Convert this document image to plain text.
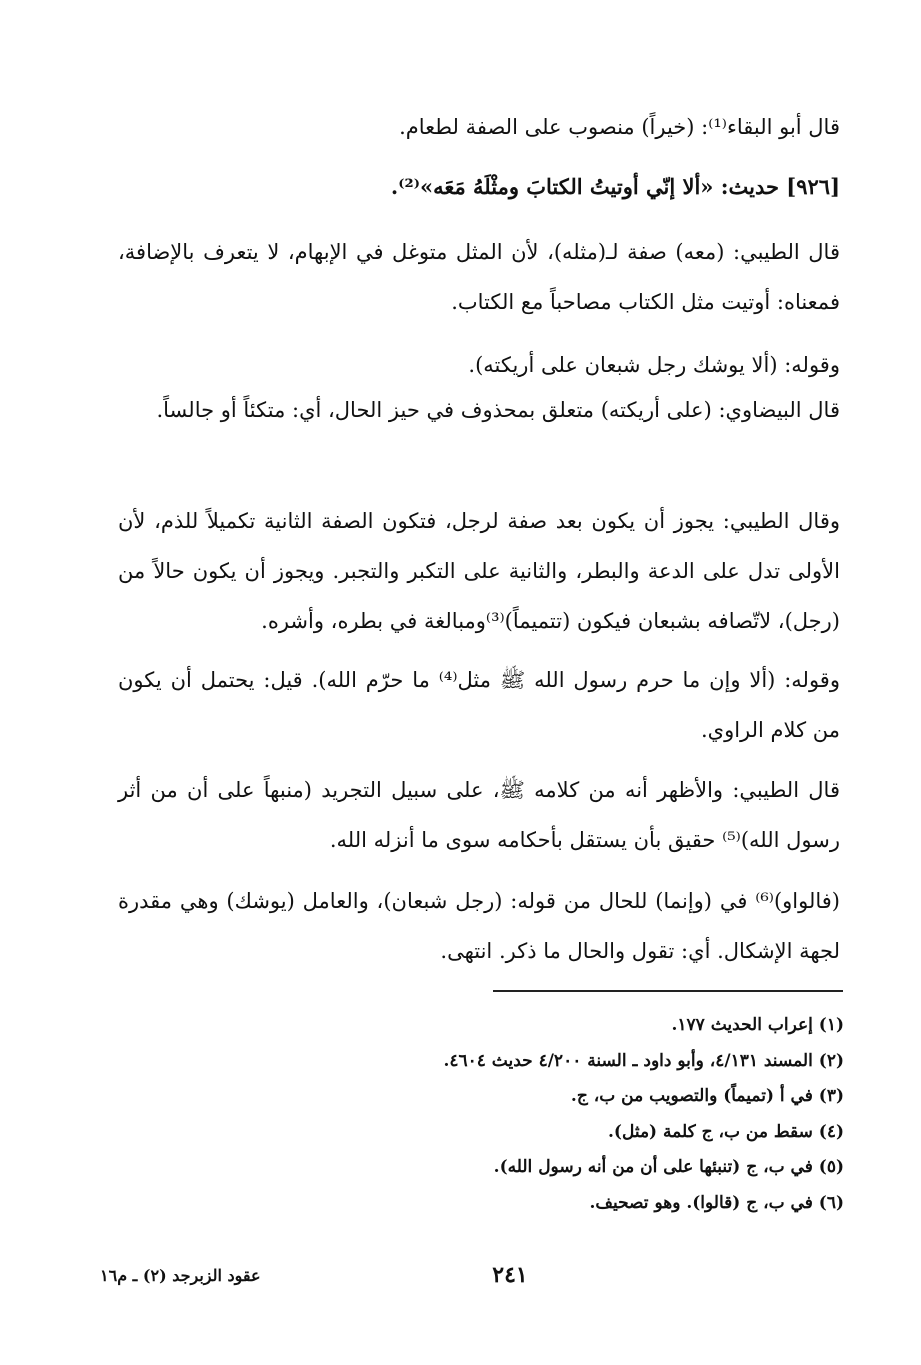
قال أبو البقاء⁽¹⁾: (خيراً) منصوب على الصفة لطعام.

[٩٢٦] حديث: «ألا إنّي أوتيتُ الكتابَ ومثْلَهُ مَعَه»⁽²⁾.

قال الطيبي: (معه) صفة لـ(مثله)، لأن المثل متوغل في الإبهام، لا يتعرف بالإضافة، فمعناه: أوتيت مثل الكتاب مصاحباً مع الكتاب.

وقوله: (ألا يوشك رجل شبعان على أريكته).

قال البيضاوي: (على أريكته) متعلق بمحذوف في حيز الحال، أي: متكئاً أو جالساً.

وقال الطيبي: يجوز أن يكون بعد صفة لرجل، فتكون الصفة الثانية تكميلاً للذم، لأن الأولى تدل على الدعة والبطر، والثانية على التكبر والتجبر. ويجوز أن يكون حالاً من (رجل)، لاتّصافه بشبعان فيكون (تتميماً)⁽³⁾ومبالغة في بطره، وأشره.

وقوله: (ألا وإن ما حرم رسول الله ﷺ مثل⁽⁴⁾ ما حرّم الله). قيل: يحتمل أن يكون من كلام الراوي.

قال الطيبي: والأظهر أنه من كلامه ﷺ، على سبيل التجريد (منبهاً على أن من أثر رسول الله)⁽⁵⁾ حقيق بأن يستقل بأحكامه سوى ما أنزله الله.

(فالواو)⁽⁶⁾ في (وإنما) للحال من قوله: (رجل شبعان)، والعامل (يوشك) وهي مقدرة لجهة الإشكال. أي: تقول والحال ما ذكر. انتهى.

(١) إعراب الحديث ١٧٧.
(٢) المسند ٤/١٣١، وأبو داود ـ السنة ٤/٢٠٠ حديث ٤٦٠٤.
(٣) في أ (تميماً) والتصويب من ب، ج.
(٤) سقط من ب، ج كلمة (مثل).
(٥) في ب، ج (تنبئها على أن من أنه رسول الله).
(٦) في ب، ج (قالوا). وهو تصحيف.
٢٤١
عقود الزبرجد (٢) ـ م١٦
